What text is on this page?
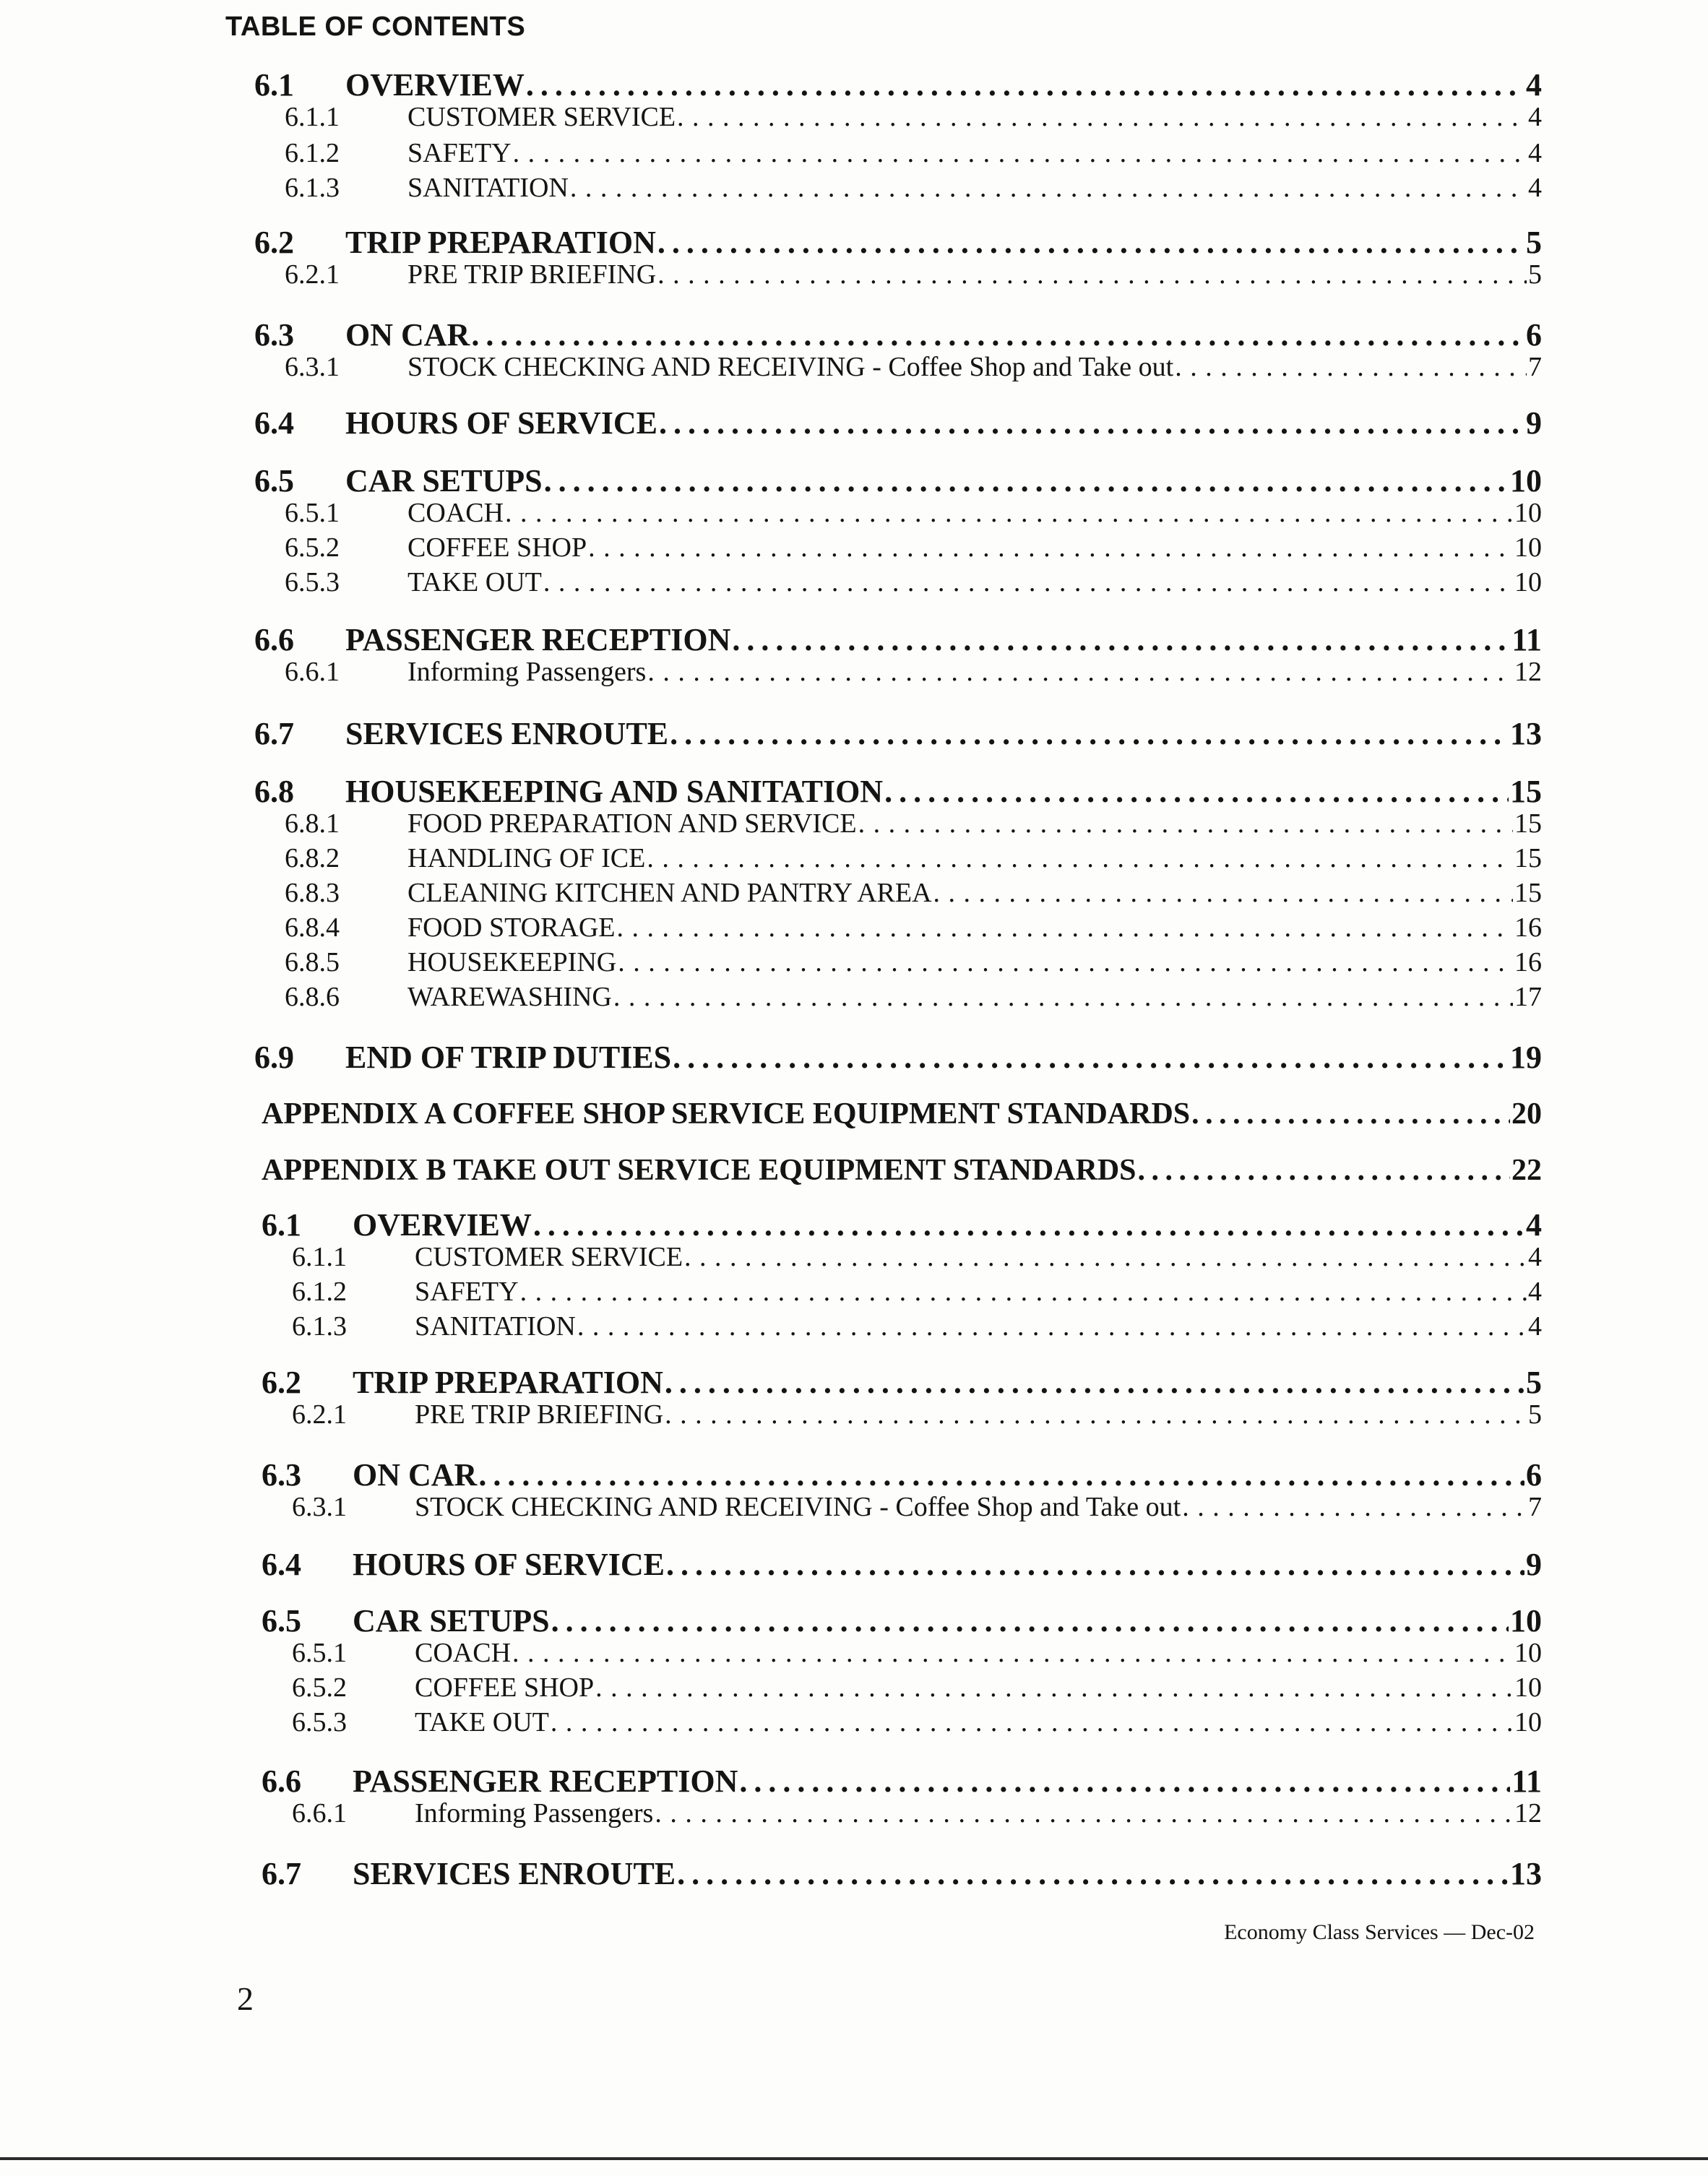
TABLE OF CONTENTS
6.1	OVERVIEW . . .	4
6.1.1	CUSTOMER SERVICE . . .	4
6.1.2	SAFETY . . .	4
6.1.3	SANITATION . . .	4
6.2	TRIP PREPARATION . . .	5
6.2.1	PRE TRIP BRIEFING . . .	5
6.3	ON CAR . . .	6
6.3.1	STOCK CHECKING AND RECEIVING - Coffee Shop and Take out . . .	7
6.4	HOURS OF SERVICE . . .	9
6.5	CAR SETUPS . . .	10
6.5.1	COACH . . .	10
6.5.2	COFFEE SHOP . . .	10
6.5.3	TAKE OUT . . .	10
6.6	PASSENGER RECEPTION . . .	11
6.6.1	Informing Passengers . . .	12
6.7	SERVICES ENROUTE . . .	13
6.8	HOUSEKEEPING AND SANITATION . . .	15
6.8.1	FOOD PREPARATION AND SERVICE . . .	15
6.8.2	HANDLING OF ICE . . .	15
6.8.3	CLEANING KITCHEN AND PANTRY AREA . . .	15
6.8.4	FOOD STORAGE . . .	16
6.8.5	HOUSEKEEPING . . .	16
6.8.6	WAREWASHING . . .	17
6.9	END OF TRIP DUTIES . . .	19
APPENDIX A COFFEE SHOP SERVICE EQUIPMENT STANDARDS . . .	20
APPENDIX B TAKE OUT SERVICE EQUIPMENT STANDARDS . . .	22
6.1	OVERVIEW . . .	4
6.1.1	CUSTOMER SERVICE . . .	4
6.1.2	SAFETY . . .	4
6.1.3	SANITATION . . .	4
6.2	TRIP PREPARATION . . .	5
6.2.1	PRE TRIP BRIEFING . . .	5
6.3	ON CAR . . .	6
6.3.1	STOCK CHECKING AND RECEIVING - Coffee Shop and Take out . . .	7
6.4	HOURS OF SERVICE . . .	9
6.5	CAR SETUPS . . .	10
6.5.1	COACH . . .	10
6.5.2	COFFEE SHOP . . .	10
6.5.3	TAKE OUT . . .	10
6.6	PASSENGER RECEPTION . . .	11
6.6.1	Informing Passengers . . .	12
6.7	SERVICES ENROUTE . . .	13
Economy Class Services — Dec-02
2
